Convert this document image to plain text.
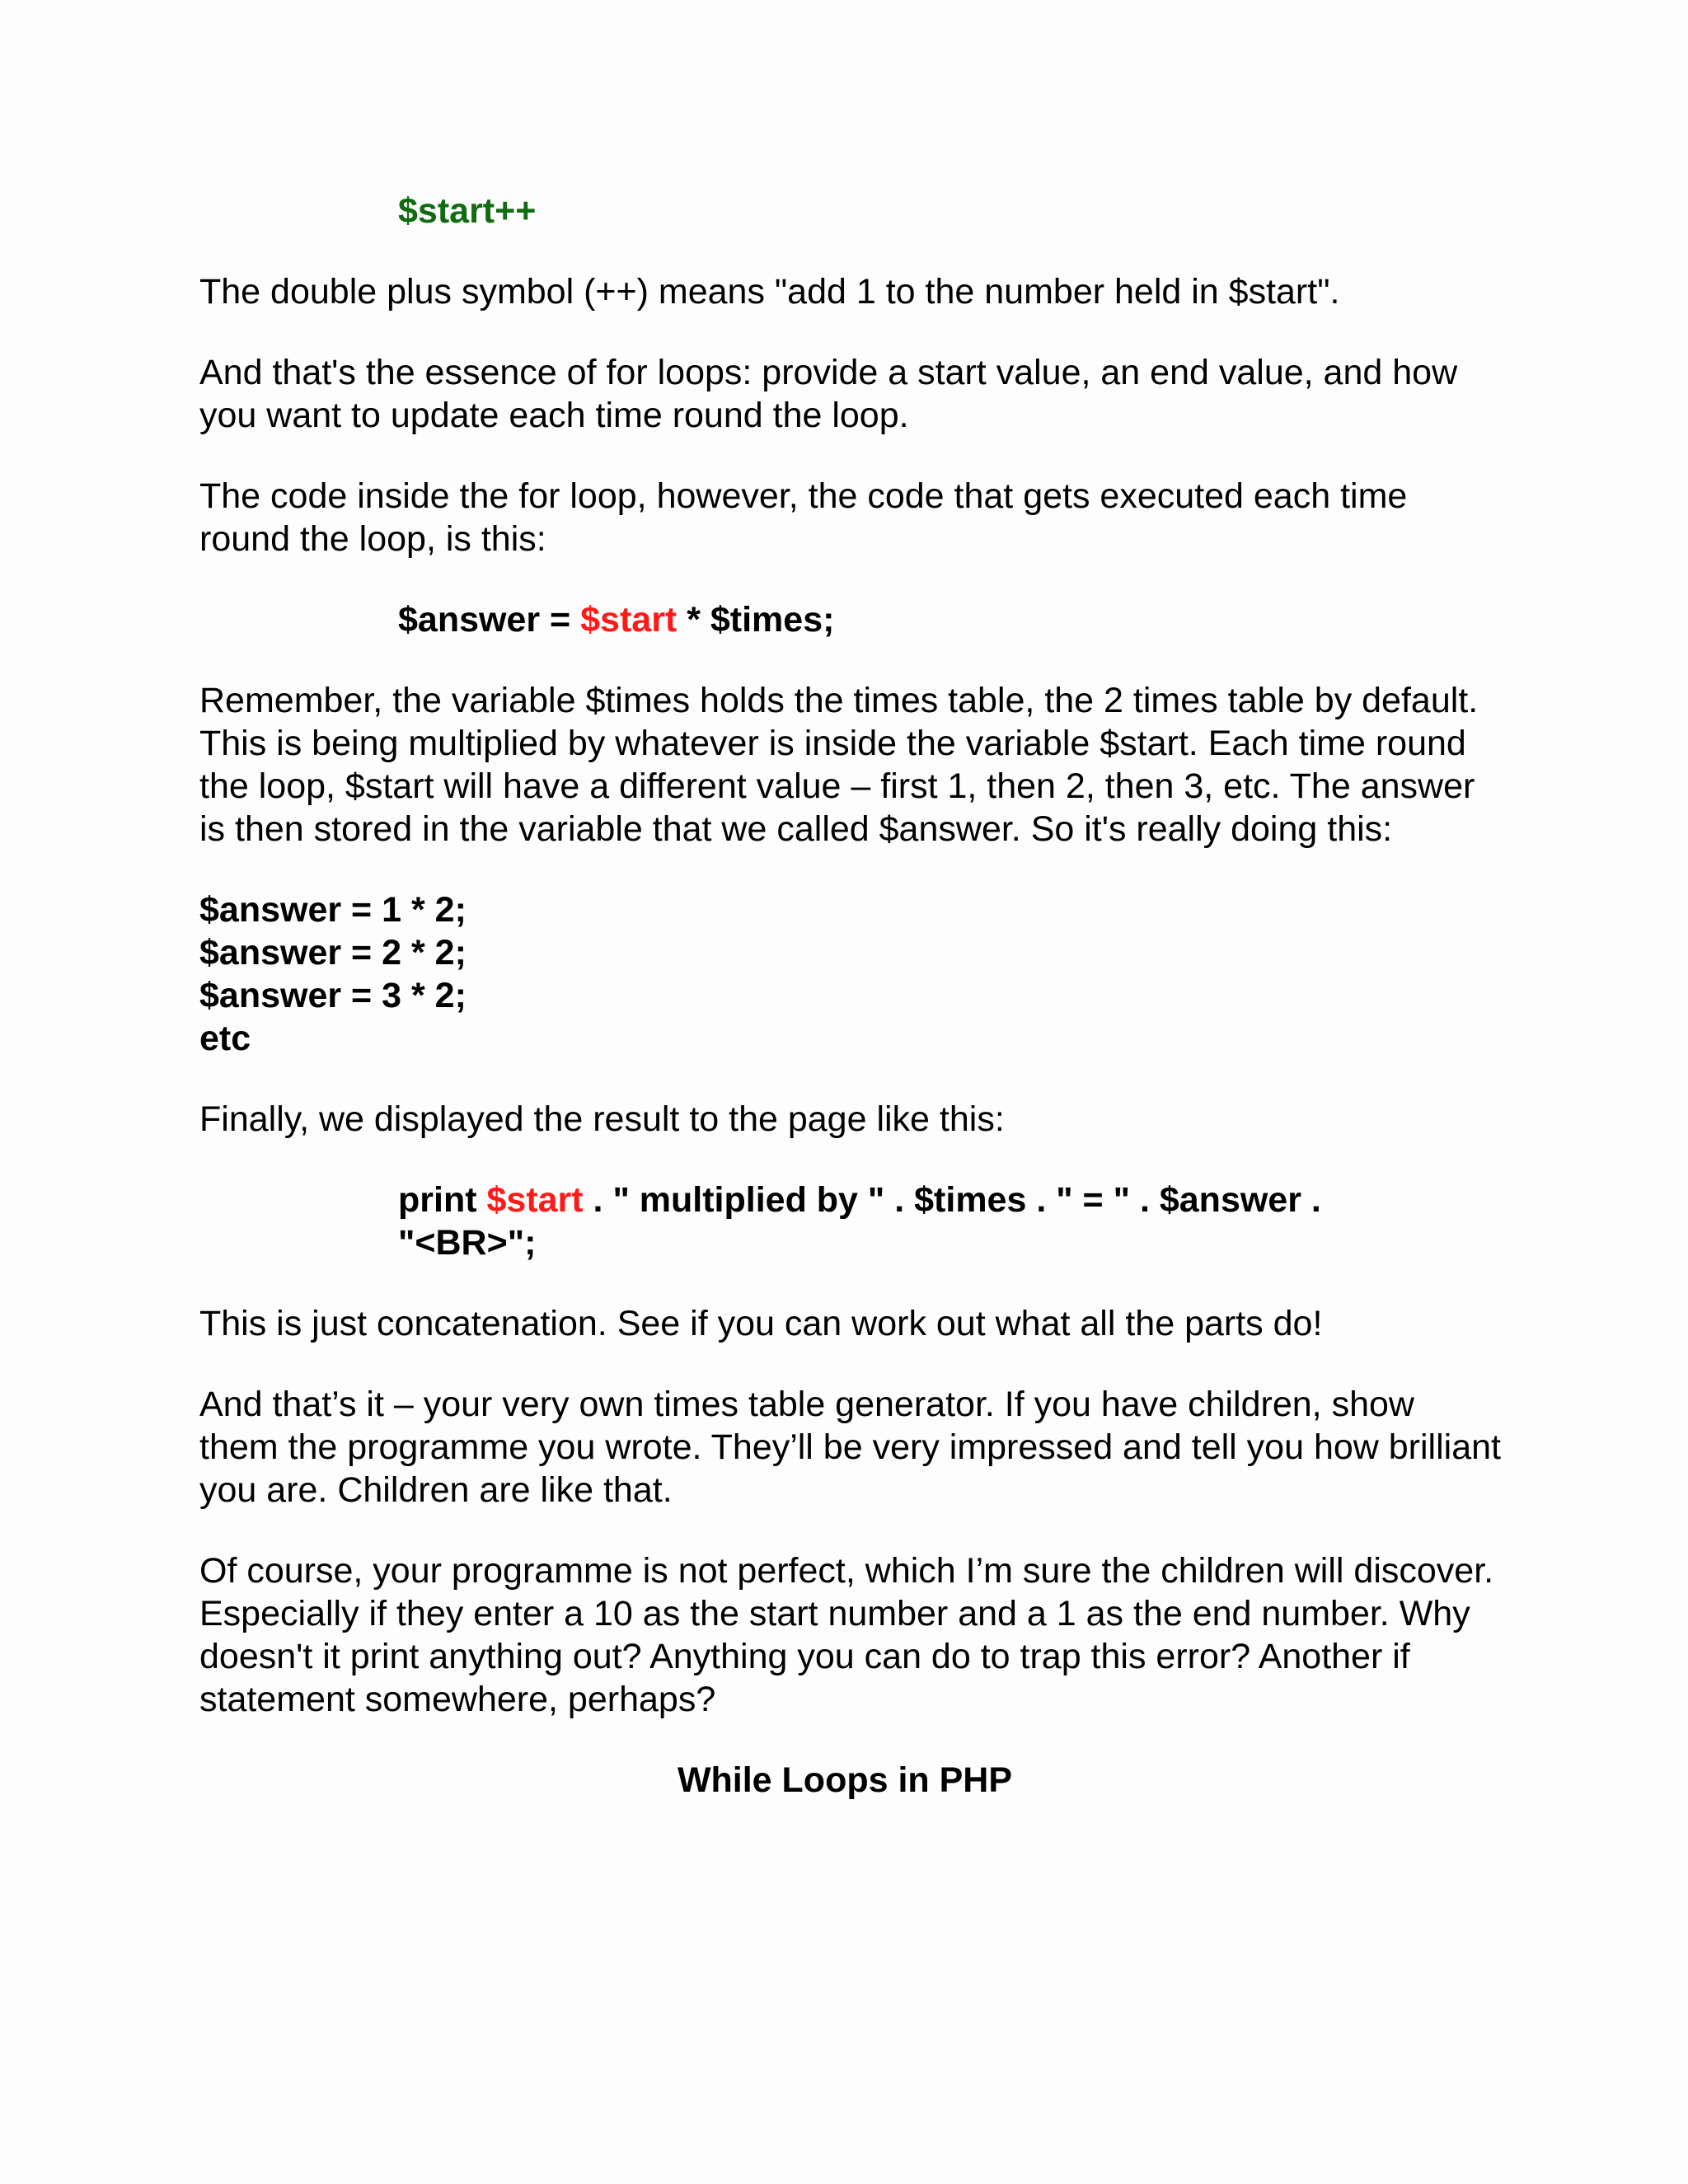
$start++

The double plus symbol (++) means "add 1 to the number held in $start".

And that's the essence of for loops: provide a start value, an end value, and how you want to update each time round the loop.

The code inside the for loop, however, the code that gets executed each time round the loop, is this:

$answer = $start * $times;

Remember, the variable $times holds the times table, the 2 times table by default. This is being multiplied by whatever is inside the variable $start. Each time round the loop, $start will have a different value – first 1, then 2, then 3, etc. The answer is then stored in the variable that we called $answer. So it's really doing this:

$answer = 1 * 2;
$answer = 2 * 2;
$answer = 3 * 2;
etc

Finally, we displayed the result to the page like this:

print $start . " multiplied by " . $times . " = " . $answer .
"<BR>";

This is just concatenation. See if you can work out what all the parts do!

And that’s it – your very own times table generator. If you have children, show them the programme you wrote. They’ll be very impressed and tell you how brilliant you are. Children are like that.

Of course, your programme is not perfect, which I’m sure the children will discover. Especially if they enter a 10 as the start number and a 1 as the end number. Why doesn't it print anything out? Anything you can do to trap this error? Another if statement somewhere, perhaps?

While Loops in PHP
